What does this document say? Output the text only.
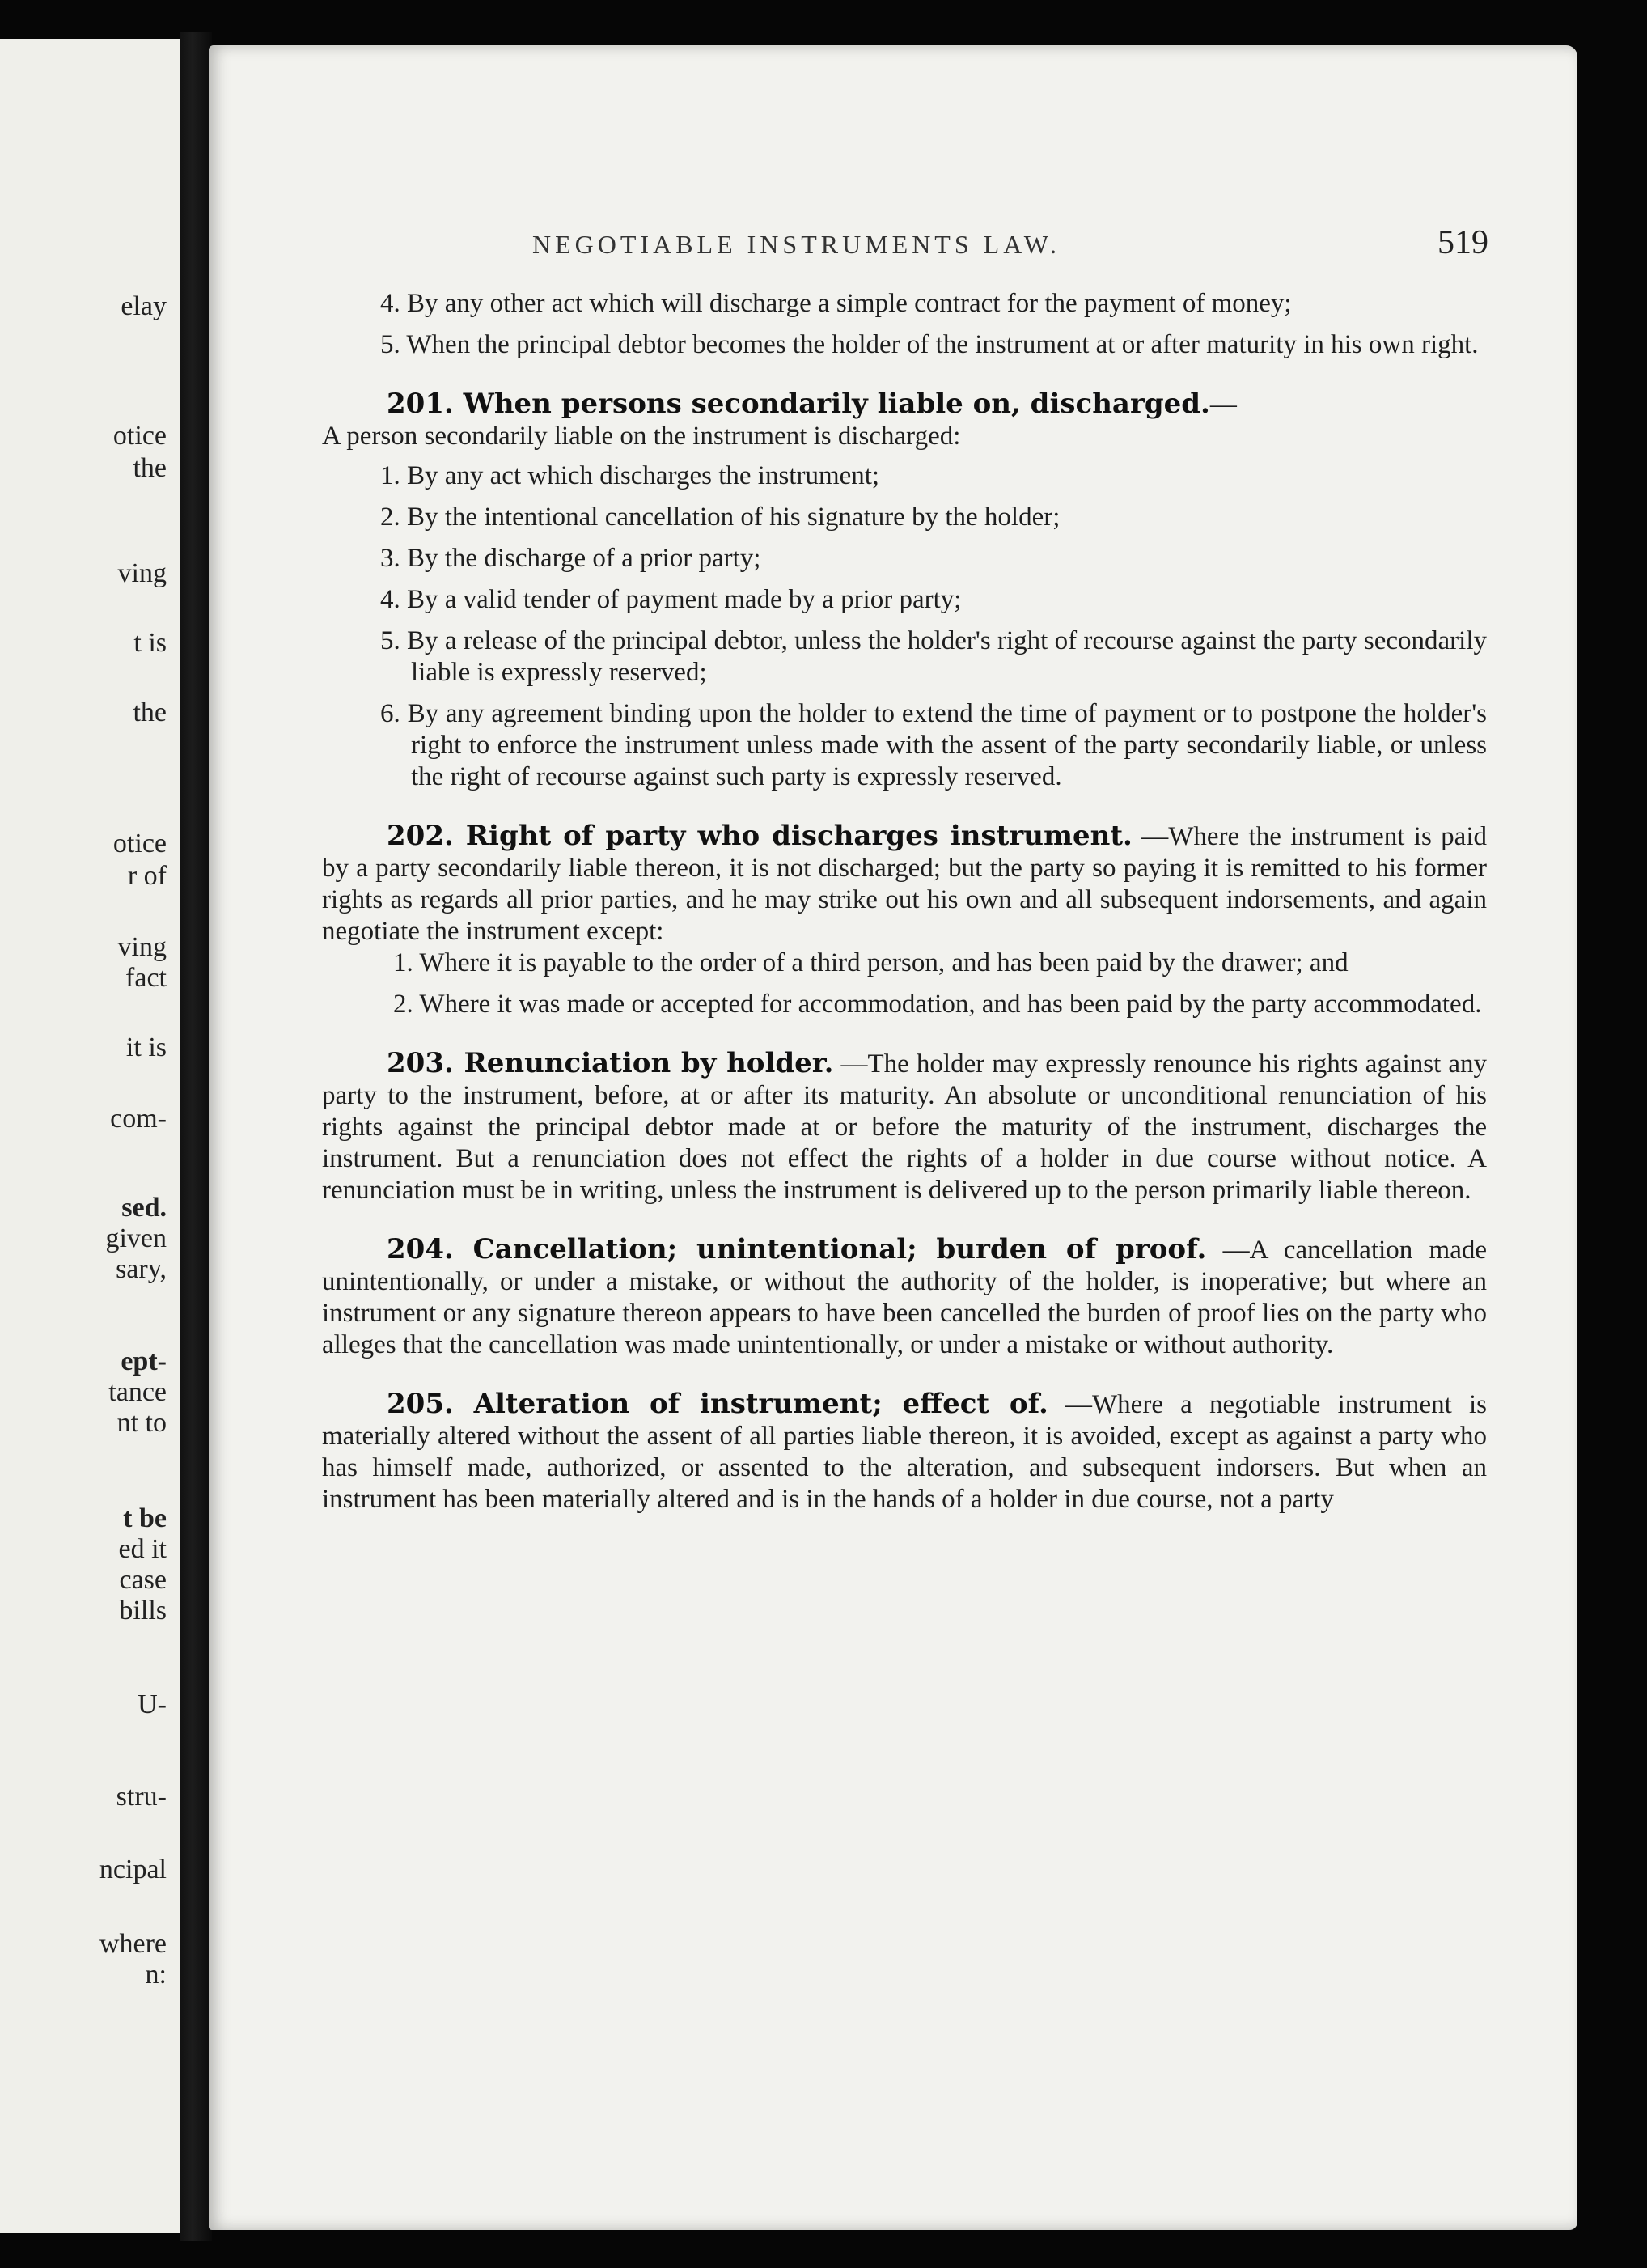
elay
otice
the
ving
t is
the
otice
r of
ving
fact
it is
com-
sed.
given
sary,
ept-
tance
nt to
t be
ed it
case
bills
U-
stru-
ncipal
where
n:
NEGOTIABLE INSTRUMENTS LAW.	519

4. By any other act which will discharge a simple contract for the payment of money;

5. When the principal debtor becomes the holder of the instrument at or after maturity in his own right.

201. When persons secondarily liable on, discharged.—

A person secondarily liable on the instrument is discharged:

1. By any act which discharges the instrument;

2. By the intentional cancellation of his signature by the holder;

3. By the discharge of a prior party;

4. By a valid tender of payment made by a prior party;

5. By a release of the principal debtor, unless the holder's right of recourse against the party secondarily liable is expressly reserved;

6. By any agreement binding upon the holder to extend the time of payment or to postpone the holder's right to enforce the instrument unless made with the assent of the party secondarily liable, or unless the right of recourse against such party is expressly reserved.

202. Right of party who discharges instrument. —Where the instrument is paid by a party secondarily liable thereon, it is not discharged; but the party so paying it is remitted to his former rights as regards all prior parties, and he may strike out his own and all subsequent indorsements, and again negotiate the instrument except:

1. Where it is payable to the order of a third person, and has been paid by the drawer; and

2. Where it was made or accepted for accommodation, and has been paid by the party accommodated.

203. Renunciation by holder. —The holder may expressly renounce his rights against any party to the instrument, before, at or after its maturity. An absolute or unconditional renunciation of his rights against the principal debtor made at or before the maturity of the instrument, discharges the instrument. But a renunciation does not effect the rights of a holder in due course without notice. A renunciation must be in writing, unless the instrument is delivered up to the person primarily liable thereon.

204. Cancellation; unintentional; burden of proof. —A cancellation made unintentionally, or under a mistake, or without the authority of the holder, is inoperative; but where an instrument or any signature thereon appears to have been cancelled the burden of proof lies on the party who alleges that the cancellation was made unintentionally, or under a mistake or without authority.

205. Alteration of instrument; effect of. —Where a negotiable instrument is materially altered without the assent of all parties liable thereon, it is avoided, except as against a party who has himself made, authorized, or assented to the alteration, and subsequent indorsers. But when an instrument has been materially altered and is in the hands of a holder in due course, not a party
